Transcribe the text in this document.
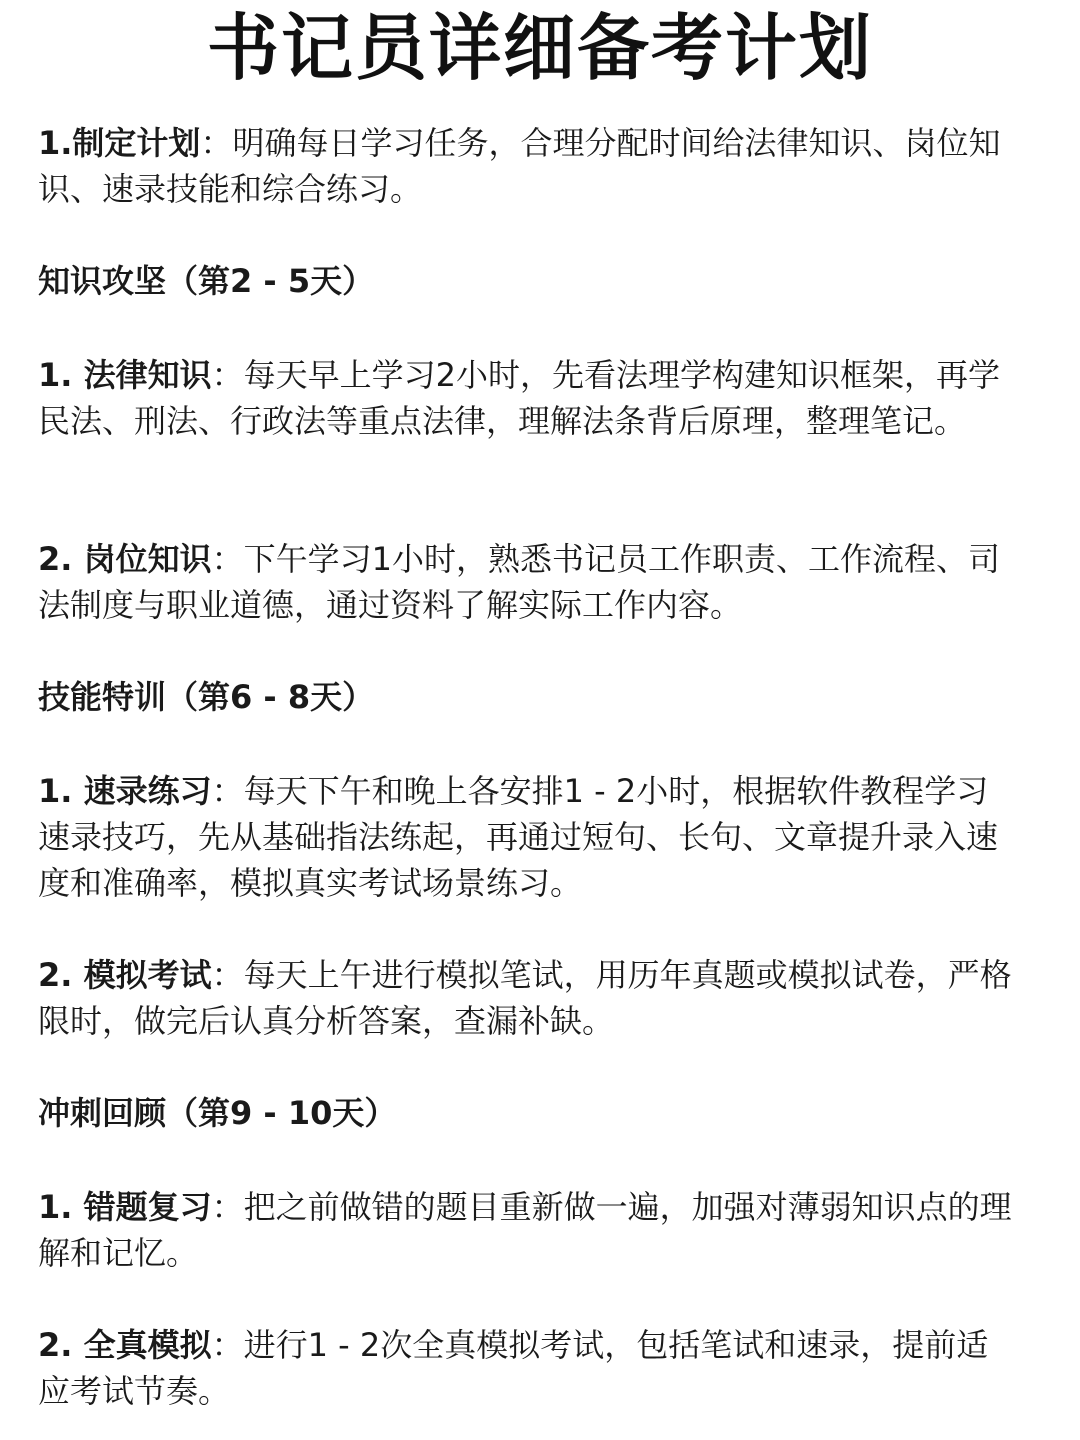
书记员详细备考计划
1.制定计划：明确每日学习任务，合理分配时间给法律知识、岗位知识、速录技能和综合练习。
知识攻坚（第2 - 5天）
1. 法律知识：每天早上学习2小时，先看法理学构建知识框架，再学民法、刑法、行政法等重点法律，理解法条背后原理，整理笔记。
2. 岗位知识：下午学习1小时，熟悉书记员工作职责、工作流程、司法制度与职业道德，通过资料了解实际工作内容。
技能特训（第6 - 8天）
1. 速录练习：每天下午和晚上各安排1 - 2小时，根据软件教程学习速录技巧，先从基础指法练起，再通过短句、长句、文章提升录入速度和准确率，模拟真实考试场景练习。
2. 模拟考试：每天上午进行模拟笔试，用历年真题或模拟试卷，严格限时，做完后认真分析答案，查漏补缺。
冲刺回顾（第9 - 10天）
1. 错题复习：把之前做错的题目重新做一遍，加强对薄弱知识点的理解和记忆。
2. 全真模拟：进行1 - 2次全真模拟考试，包括笔试和速录，提前适应考试节奏。
